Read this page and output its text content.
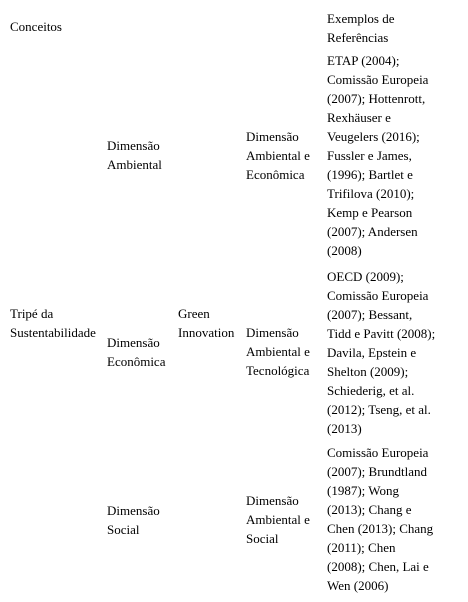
Conceitos
Exemplos de
Referências
Tripé da
Sustentabilidade
Dimensão
Ambiental
Dimensão
Econômica
Dimensão
Social
Green
Innovation
Dimensão
Ambiental e
Econômica
Dimensão
Ambiental e
Tecnológica
Dimensão
Ambiental e
Social
ETAP (2004);
Comissão Europeia
(2007); Hottenrott,
Rexhäuser e
Veugelers (2016);
Fussler e James,
(1996); Bartlet e
Trifilova (2010);
Kemp e Pearson
(2007); Andersen
(2008)
OECD (2009);
Comissão Europeia
(2007); Bessant,
Tidd e Pavitt (2008);
Davila, Epstein e
Shelton (2009);
Schiederig, et al.
(2012); Tseng, et al.
(2013)
Comissão Europeia
(2007); Brundtland
(1987); Wong
(2013); Chang e
Chen (2013); Chang
(2011); Chen
(2008); Chen, Lai e
Wen (2006)
